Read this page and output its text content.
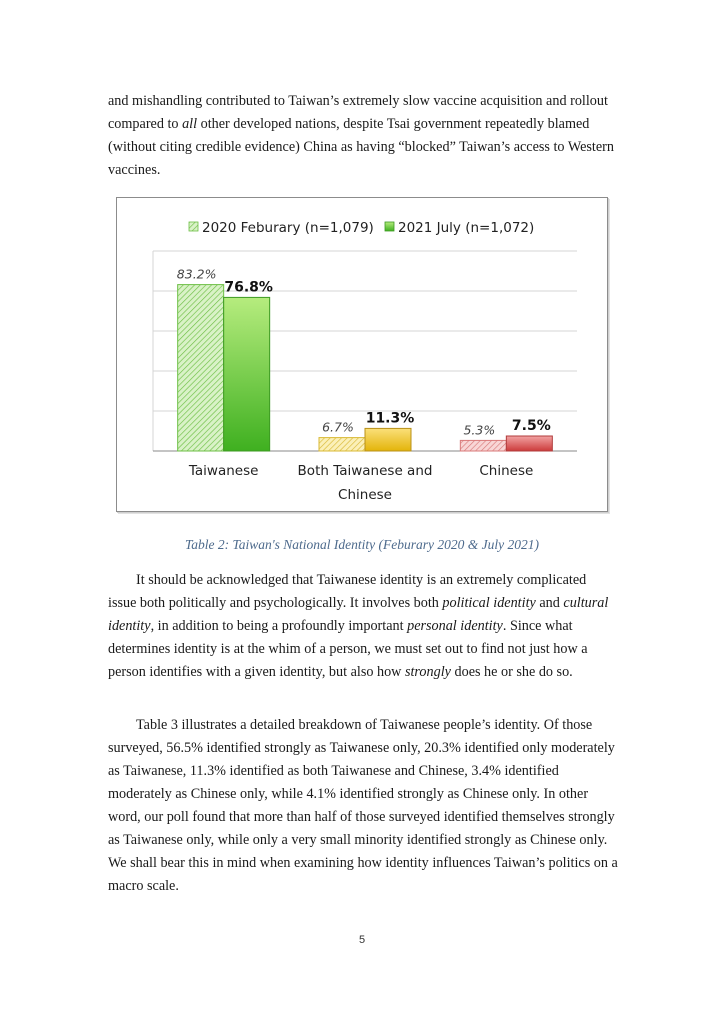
and mishandling contributed to Taiwan’s extremely slow vaccine acquisition and rollout compared to all other developed nations, despite Tsai government repeatedly blamed (without citing credible evidence) China as having “blocked” Taiwan’s access to Western vaccines.

2020 Feburary (n=1,079) 2021 July (n=1,072)
83.2%
76.8%
Taiwanese
6.7%
11.3%
Both Taiwanese and
Chinese
5.3% 7.5%
Chinese
Table 2: Taiwan's National Identity (Feburary 2020 & July 2021)

It should be acknowledged that Taiwanese identity is an extremely complicated issue both politically and psychologically. It involves both political identity and cultural identity, in addition to being a profoundly important personal identity. Since what determines identity is at the whim of a person, we must set out to find not just how a person identifies with a given identity, but also how strongly does he or she do so.

Table 3 illustrates a detailed breakdown of Taiwanese people’s identity. Of those surveyed, 56.5% identified strongly as Taiwanese only, 20.3% identified only moderately as Taiwanese, 11.3% identified as both Taiwanese and Chinese, 3.4% identified moderately as Chinese only, while 4.1% identified strongly as Chinese only. In other word, our poll found that more than half of those surveyed identified themselves strongly as Taiwanese only, while only a very small minority identified strongly as Chinese only. We shall bear this in mind when examining how identity influences Taiwan’s politics on a macro scale.

5
